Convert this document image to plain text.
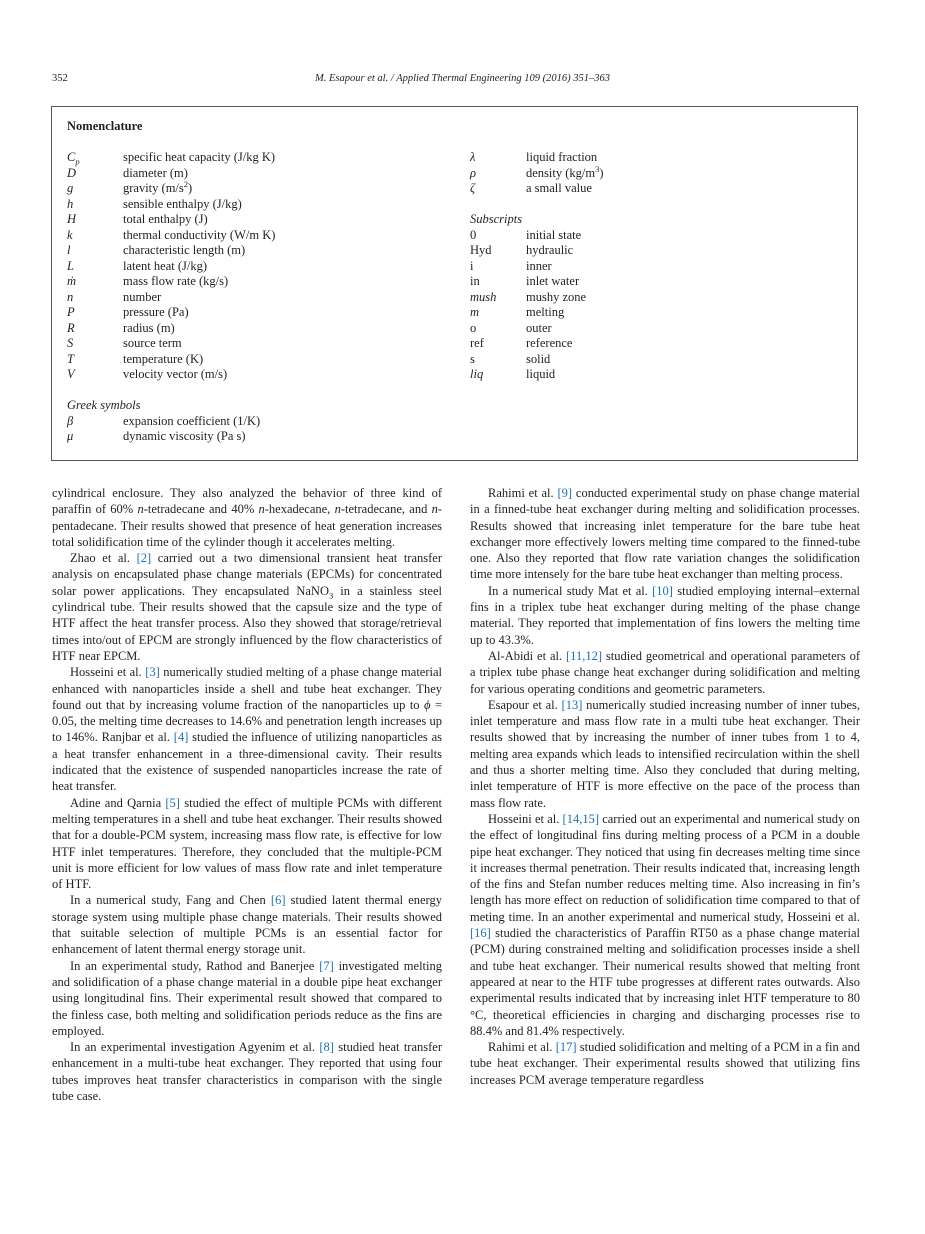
352	M. Esapour et al. / Applied Thermal Engineering 109 (2016) 351–363
Nomenclature
$C_p$	specific heat capacity (J/kg K)
D	diameter (m)
g	gravity $(m/s^2)$
h	sensible enthalpy (J/kg)
H	total enthalpy (J)
k	thermal conductivity (W/m K)
l	characteristic length (m)
L	latent heat (J/kg)
ṁ	mass flow rate (kg/s)
n	number
P	pressure (Pa)
R	radius (m)
S⃗	source term
T	temperature (K)
V⃗	velocity vector (m/s)
Greek symbols
β	expansion coefficient (1/K)
μ	dynamic viscosity (Pa s)
λ	liquid fraction
ρ	density $(kg/m^3)$
ζ	a small value
Subscripts
0	initial state
Hyd	hydraulic
i	inner
in	inlet water
mush	mushy zone
m	melting
o	outer
ref	reference
s	solid
liq	liquid

cylindrical enclosure. They also analyzed the behavior of three kind of paraffin of 60% n-tetradecane and 40% n-hexadecane, n-tetradecane, and n-pentadecane. Their results showed that presence of heat generation increases total solidification time of the cylinder though it accelerates melting.

Zhao et al. [2] carried out a two dimensional transient heat transfer analysis on encapsulated phase change materials (EPCMs) for concentrated solar power applications. They encapsulated NaNO$_3$ in a stainless steel cylindrical tube. Their results showed that the capsule size and the type of HTF affect the heat transfer process. Also they showed that storage/retrieval times into/out of EPCM are strongly influenced by the flow characteristics of HTF near EPCM.

Hosseini et al. [3] numerically studied melting of a phase change material enhanced with nanoparticles inside a shell and tube heat exchanger. They found out that by increasing volume fraction of the nanoparticles up to ϕ = 0.05, the melting time decreases to 14.6% and penetration length increases up to 146%. Ranjbar et al. [4] studied the influence of utilizing nanoparticles as a heat transfer enhancement in a three-dimensional cavity. Their results indicated that the existence of suspended nanoparticles increase the rate of heat transfer.

Adine and Qarnia [5] studied the effect of multiple PCMs with different melting temperatures in a shell and tube heat exchanger. Their results showed that for a double-PCM system, increasing mass flow rate, is effective for low HTF inlet temperatures. Therefore, they concluded that the multiple-PCM unit is more efficient for low values of mass flow rate and inlet temperature of HTF.

In a numerical study, Fang and Chen [6] studied latent thermal energy storage system using multiple phase change materials. Their results showed that suitable selection of multiple PCMs is an essential factor for enhancement of latent thermal energy storage unit.

In an experimental study, Rathod and Banerjee [7] investigated melting and solidification of a phase change material in a double pipe heat exchanger using longitudinal fins. Their experimental result showed that compared to the finless case, both melting and solidification periods reduce as the fins are employed.

In an experimental investigation Agyenim et al. [8] studied heat transfer enhancement in a multi-tube heat exchanger. They reported that using four tubes improves heat transfer characteristics in comparison with the single tube case.

Rahimi et al. [9] conducted experimental study on phase change material in a finned-tube heat exchanger during melting and solidification processes. Results showed that increasing inlet temperature for the bare tube heat exchanger more effectively lowers melting time compared to the finned-tube one. Also they reported that flow rate variation changes the solidification time more intensely for the bare tube heat exchanger than melting process.

In a numerical study Mat et al. [10] studied employing internal–external fins in a triplex tube heat exchanger during melting of the phase change material. They reported that implementation of fins lowers the melting time up to 43.3%.

Al-Abidi et al. [11,12] studied geometrical and operational parameters of a triplex tube phase change heat exchanger during solidification and melting for various operating conditions and geometric parameters.

Esapour et al. [13] numerically studied increasing number of inner tubes, inlet temperature and mass flow rate in a multi tube heat exchanger. Their results showed that by increasing the number of inner tubes from 1 to 4, melting area expands which leads to intensified recirculation within the shell and thus a shorter melting time. Also they concluded that during melting, inlet temperature of HTF is more effective on the pace of the process than mass flow rate.

Hosseini et al. [14,15] carried out an experimental and numerical study on the effect of longitudinal fins during melting process of a PCM in a double pipe heat exchanger. They noticed that using fin decreases melting time since it increases thermal penetration. Their results indicated that, increasing length of the fins and Stefan number reduces melting time. Also increasing in fin’s length has more effect on reduction of solidification time compared to that of meting time. In an another experimental and numerical study, Hosseini et al. [16] studied the characteristics of Paraffin RT50 as a phase change material (PCM) during constrained melting and solidification processes inside a shell and tube heat exchanger. Their numerical results showed that melting front appeared at near to the HTF tube progresses at different rates outwards. Also experimental results indicated that by increasing inlet HTF temperature to 80 °C, theoretical efficiencies in charging and discharging processes rise to 88.4% and 81.4% respectively.

Rahimi et al. [17] studied solidification and melting of a PCM in a fin and tube heat exchanger. Their experimental results showed that utilizing fins increases PCM average temperature regardless
